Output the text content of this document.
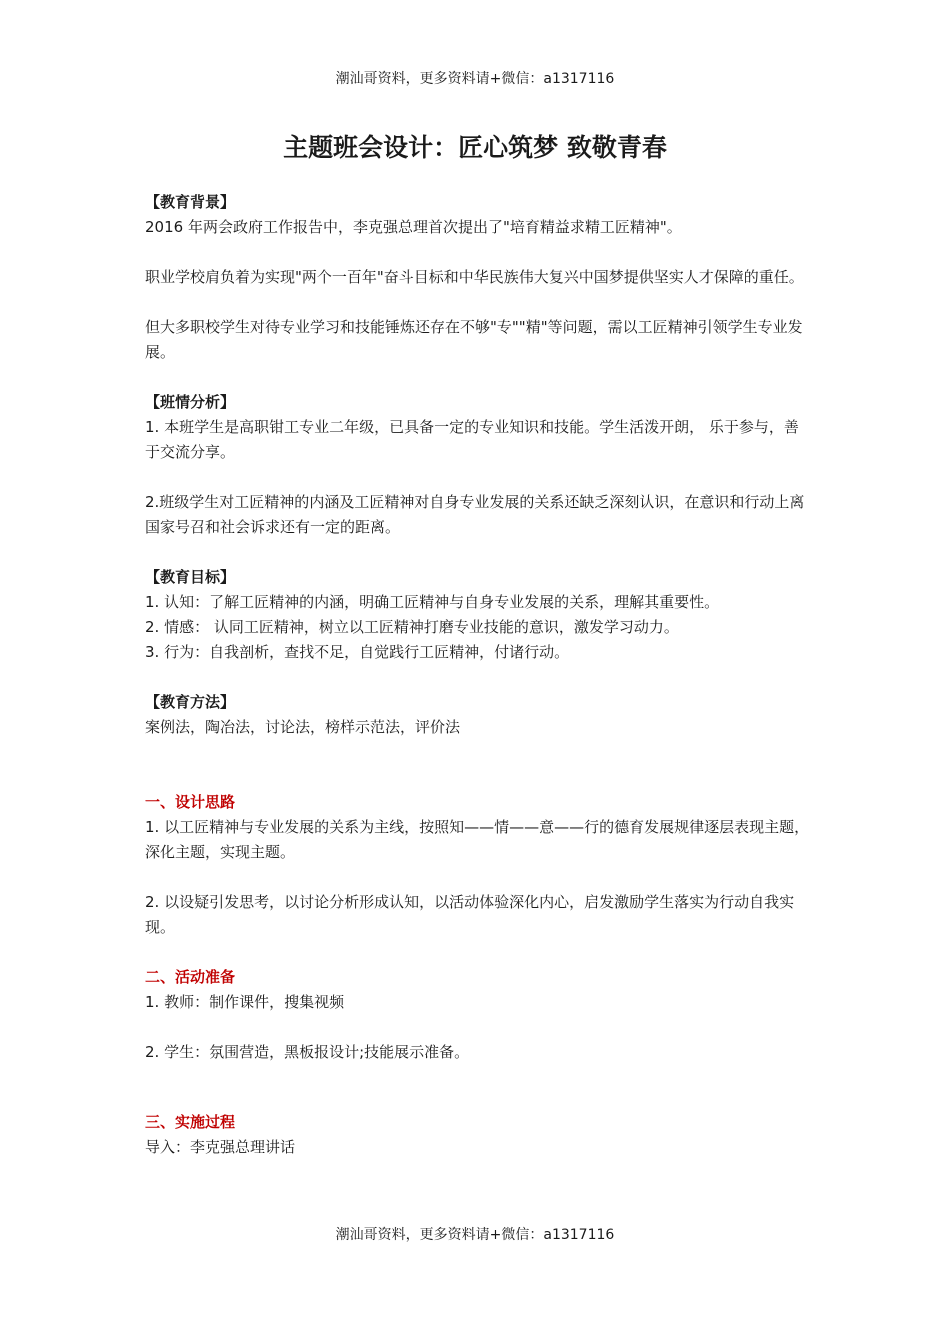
潮汕哥资料，更多资料请+微信：a1317116
主题班会设计：匠心筑梦 致敬青春

【教育背景】

2016 年两会政府工作报告中，李克强总理首次提出了"培育精益求精工匠精神"。

职业学校肩负着为实现"两个一百年"奋斗目标和中华民族伟大复兴中国梦提供坚实人才保障的重任。

但大多职校学生对待专业学习和技能锤炼还存在不够"专""精"等问题，需以工匠精神引领学生专业发展。

【班情分析】

1. 本班学生是高职钳工专业二年级，已具备一定的专业知识和技能。学生活泼开朗， 乐于参与，善于交流分享。

2.班级学生对工匠精神的内涵及工匠精神对自身专业发展的关系还缺乏深刻认识，在意识和行动上离国家号召和社会诉求还有一定的距离。

【教育目标】

1. 认知：了解工匠精神的内涵，明确工匠精神与自身专业发展的关系，理解其重要性。

2. 情感： 认同工匠精神，树立以工匠精神打磨专业技能的意识，激发学习动力。

3. 行为：自我剖析，查找不足，自觉践行工匠精神，付诸行动。

【教育方法】

案例法，陶冶法，讨论法，榜样示范法，评价法

一、设计思路

1. 以工匠精神与专业发展的关系为主线，按照知——情——意——行的德育发展规律逐层表现主题，深化主题，实现主题。

2. 以设疑引发思考，以讨论分析形成认知，以活动体验深化内心，启发激励学生落实为行动自我实现。

二、活动准备

1. 教师：制作课件，搜集视频

2. 学生：氛围营造，黑板报设计;技能展示准备。

三、实施过程

导入：李克强总理讲话

潮汕哥资料，更多资料请+微信：a1317116
